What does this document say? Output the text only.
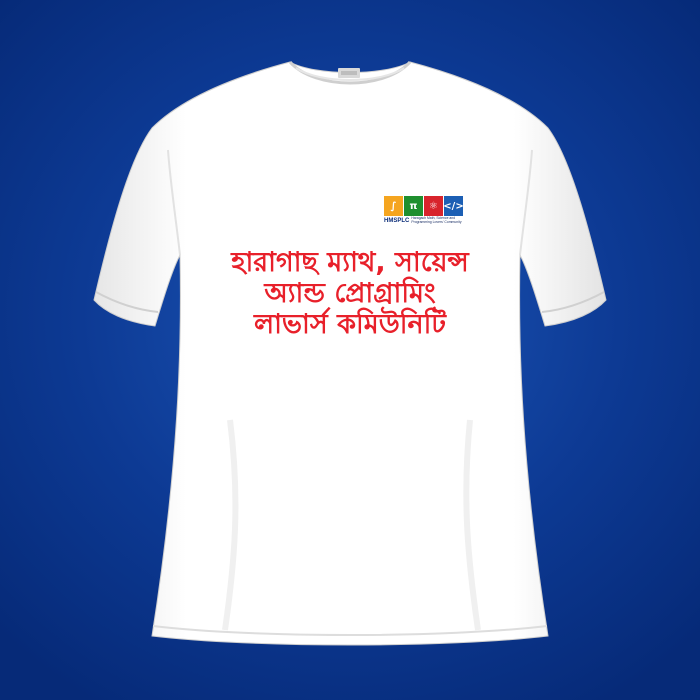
∫	π	⚛ </>
HMSPLC Haragach Math, Science and
Programming Lovers' Community
হারাগাছ ম্যাথ, সায়েন্স
অ্যান্ড প্রোগ্রামিং
লাভার্স কমিউনিটি
